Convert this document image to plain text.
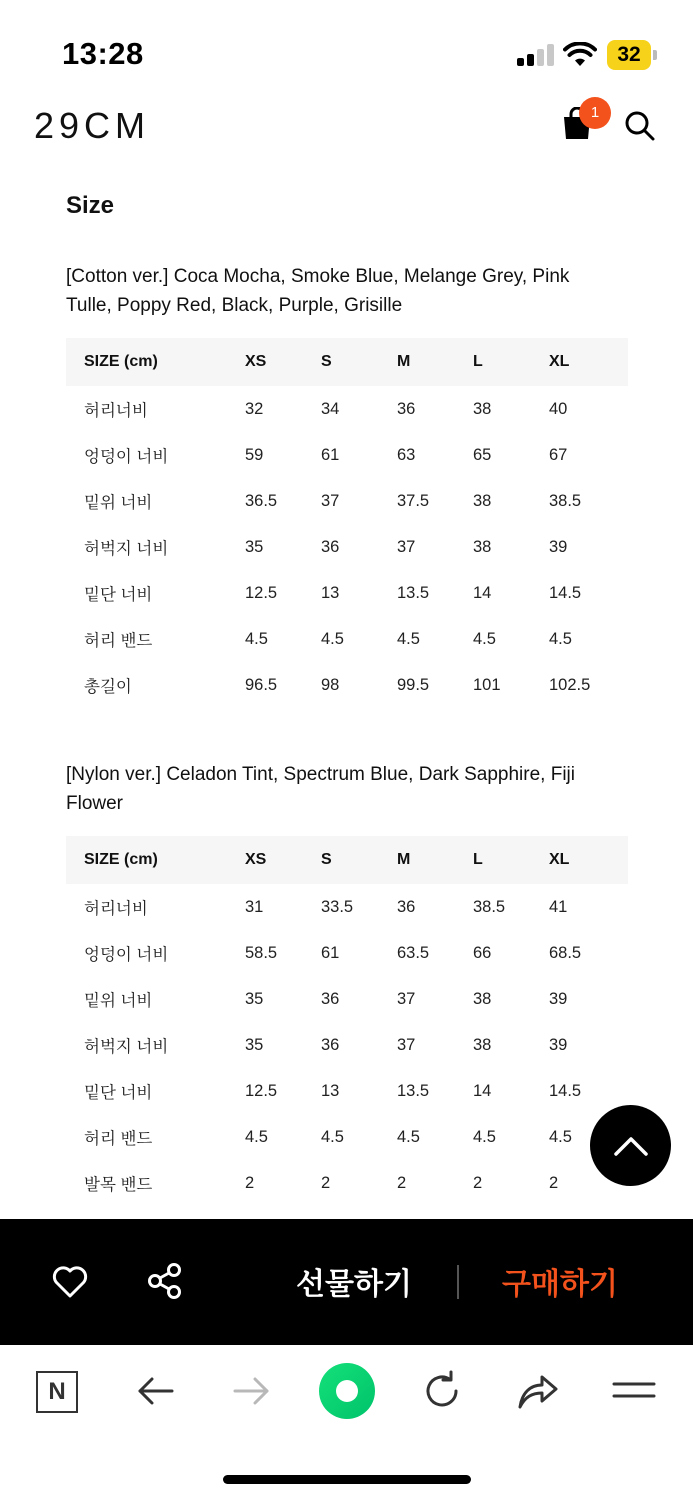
13:28	32
29CM	1
Size
[Cotton ver.] Coca Mocha, Smoke Blue, Melange Grey, Pink Tulle, Poppy Red, Black, Purple, Grisille
SIZE (cm)	XS	S	M	L	XL
허리너비	32	34	36	38	40
엉덩이 너비	59	61	63	65	67
밑위 너비	36.5	37	37.5	38	38.5
허벅지 너비	35	36	37	38	39
밑단 너비	12.5	13	13.5	14	14.5
허리 밴드	4.5	4.5	4.5	4.5	4.5
총길이	96.5	98	99.5	101	102.5
[Nylon ver.] Celadon Tint, Spectrum Blue, Dark Sapphire, Fiji Flower
SIZE (cm)	XS	S	M	L	XL
허리너비	31	33.5	36	38.5	41
엉덩이 너비	58.5	61	63.5	66	68.5
밑위 너비	35	36	37	38	39
허벅지 너비	35	36	37	38	39
밑단 너비	12.5	13	13.5	14	14.5
허리 밴드	4.5	4.5	4.5	4.5	4.5
발목 밴드	2	2	2	2	2
선물하기	구매하기
N
